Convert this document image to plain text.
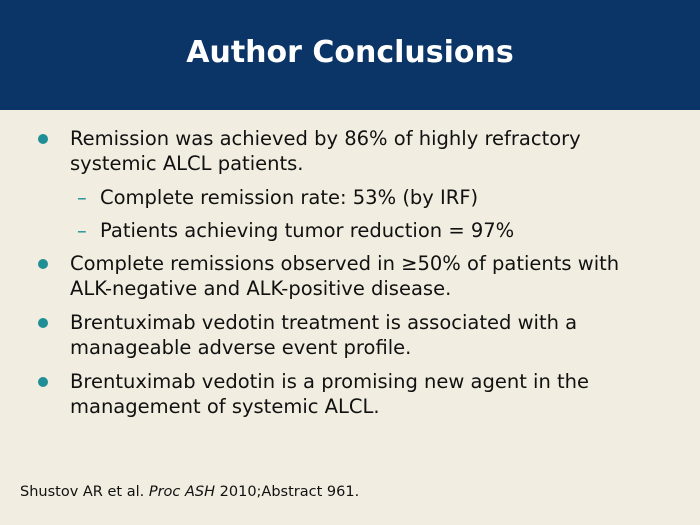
Author Conclusions
Remission was achieved by 86% of highly refractory systemic ALCL patients.
– Complete remission rate: 53% (by IRF)
– Patients achieving tumor reduction = 97%
Complete remissions observed in ≥50% of patients with ALK-negative and ALK-positive disease.
Brentuximab vedotin treatment is associated with a manageable adverse event profile.
Brentuximab vedotin is a promising new agent in the management of systemic ALCL.
Shustov AR et al. Proc ASH 2010;Abstract 961.
